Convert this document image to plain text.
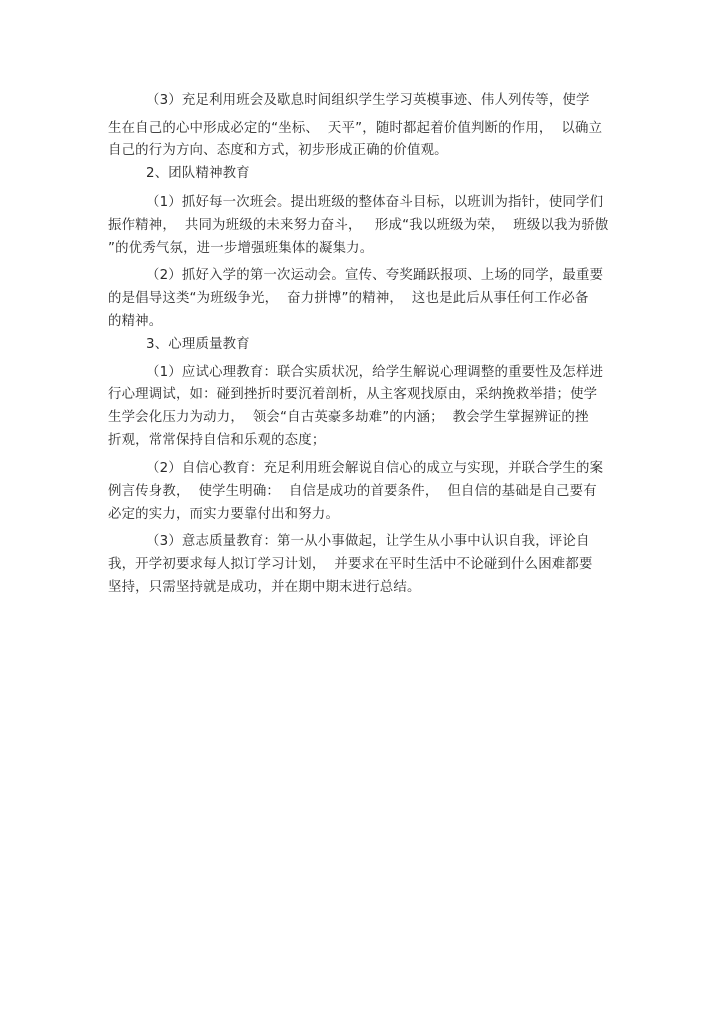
（3）充足利用班会及歇息时间组织学生学习英模事迹、伟人列传等，使学
生在自己的心中形成必定的“坐标、  天平”，随时都起着价值判断的作用，  以确立
自己的行为方向、态度和方式，初步形成正确的价值观。
2、团队精神教育
（1）抓好每一次班会。提出班级的整体奋斗目标，以班训为指针，使同学们
振作精神，  共同为班级的未来努力奋斗，   形成“我以班级为荣，  班级以我为骄傲
”的优秀气氛，进一步增强班集体的凝集力。
（2）抓好入学的第一次运动会。宣传、夸奖踊跃报项、上场的同学，最重要
的是倡导这类“为班级争光，  奋力拼博”的精神，  这也是此后从事任何工作必备
的精神。
3、心理质量教育
（1）应试心理教育：联合实质状况，给学生解说心理调整的重要性及怎样进
行心理调试，如：碰到挫折时要沉着剖析，从主客观找原由，采纳挽救举措；使学
生学会化压力为动力，  领会“自古英豪多劫难”的内涵；  教会学生掌握辨证的挫
折观，常常保持自信和乐观的态度；
（2）自信心教育：充足利用班会解说自信心的成立与实现，并联合学生的案
例言传身教，  使学生明确：  自信是成功的首要条件，  但自信的基础是自己要有
必定的实力，而实力要靠付出和努力。
（3）意志质量教育：第一从小事做起，让学生从小事中认识自我，评论自
我，开学初要求每人拟订学习计划，  并要求在平时生活中不论碰到什么困难都要
坚持，只需坚持就是成功，并在期中期末进行总结。
